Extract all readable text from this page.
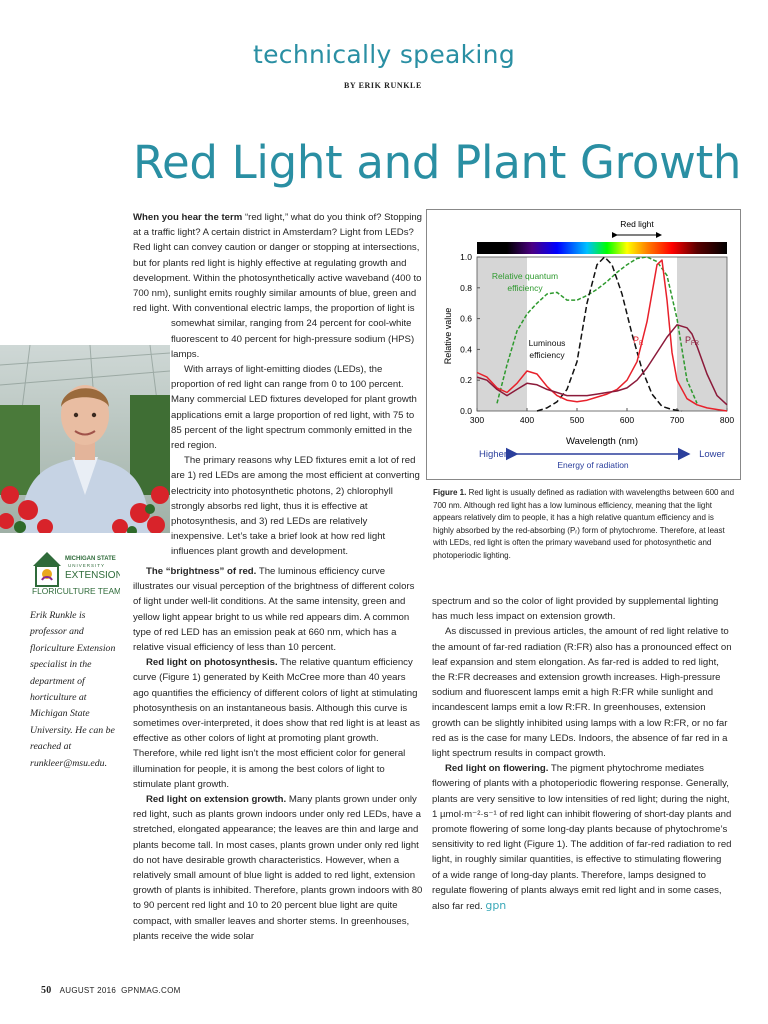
technically speaking
BY ERIK RUNKLE
Red Light and Plant Growth

When you hear the term “red light,” what do you think of? Stopping at a traffic light? A certain district in Amsterdam? Light from LEDs? Red light can convey caution or danger or stopping at intersections, but for plants red light is highly effective at regulating growth and development. Within the photosynthetically active waveband (400 to 700 nm), sunlight emits roughly similar amounts of blue, green and red light. With conventional electric lamps, the proportion of light is

somewhat similar, ranging from 24 percent for cool-white fluorescent to 40 percent for high-pressure sodium (HPS) lamps.

With arrays of light-emitting diodes (LEDs), the proportion of red light can range from 0 to 100 percent. Many commercial LED fixtures developed for plant growth applications emit a large proportion of red light, with 75 to 85 percent of the light spectrum commonly emitted in the red region.

The primary reasons why LED fixtures emit a lot of red are 1) red LEDs are among the most efficient at converting electricity into photosynthetic photons, 2) chlorophyll strongly absorbs red light, thus it is effective at photosynthesis, and 3) red LEDs are relatively inexpensive. Let’s take a brief look at how red light influences plant growth and development.

MICHIGAN STATE
UNIVERSITY
EXTENSION
FLORICULTURE TEAM
Erik Runkle is professor and floriculture Extension specialist in the department of horticulture at Michigan State University. He can be reached at runkleer@msu.edu.

The “brightness” of red. The luminous efficiency curve illustrates our visual perception of the brightness of different colors of light under well-lit conditions. At the same intensity, green and yellow light appear bright to us while red appears dim. A common type of red LED has an emission peak at 660 nm, which has a relative visual efficiency of less than 10 percent.

Red light on photosynthesis. The relative quantum efficiency curve (Figure 1) generated by Keith McCree more than 40 years ago quantifies the efficiency of different colors of light at stimulating photosynthesis on an instantaneous basis. Although this curve is sometimes over-interpreted, it does show that red light is at least as effective as other colors of light at promoting plant growth. Therefore, while red light isn’t the most efficient color for general illumination for people, it is among the best colors of light to stimulate plant growth.

Red light on extension growth. Many plants grown under only red light, such as plants grown indoors under only red LEDs, have a stretched, elongated appearance; the leaves are thin and large and plants become tall. In most cases, plants grown under only red light do not have desirable growth characteristics. However, when a relatively small amount of blue light is added to red light, extension growth of plants is inhibited. Therefore, plants grown indoors with 80 to 90 percent red light and 10 to 20 percent blue light are quite compact, with smaller leaves and shorter stems. In greenhouses, plants receive the wide solar

spectrum and so the color of light provided by supplemental lighting has much less impact on extension growth.

As discussed in previous articles, the amount of red light relative to the amount of far-red radiation (R:FR) also has a pronounced effect on leaf expansion and stem elongation. As far-red is added to red light, the R:FR decreases and extension growth increases. High-pressure sodium and fluorescent lamps emit a high R:FR while sunlight and incandescent lamps emit a low R:FR. In greenhouses, extension growth can be slightly inhibited using lamps with a low R:FR, or no far red as is the case for many LEDs. Indoors, the absence of far red in a light spectrum results in compact growth.

Red light on flowering. The pigment phytochrome mediates flowering of plants with a photoperiodic flowering response. Generally, plants are very sensitive to low intensities of red light; during the night, 1 µmol·m⁻²·s⁻¹ of red light can inhibit flowering of short-day plants and promote flowering of some long-day plants because of phytochrome’s sensitivity to red light (Figure 1). The addition of far-red radiation to red light, in roughly similar quantities, is effective to stimulating flowering of a wide range of long-day plants. Therefore, lamps designed to regulate flowering of plants always emit red light and in some cases, also far red. gpn

Red light
300	400	500	600	700	800
0.0
0.2
0.4
0.6
0.8
1.0
Relative quantum efficiency
Luminous efficiency
$P_R$	$P_{FR}$
Wavelength (nm)
Relative value
Higher	Lower
Energy of radiation
Figure 1. Red light is usually defined as radiation with wavelengths between 600 and 700 nm. Although red light has a low luminous efficiency, meaning that the light appears relatively dim to people, it has a high relative quantum efficiency and is highly absorbed by the red-absorbing (Pᵣ) form of phytochrome. Therefore, at least with LEDs, red light is often the primary waveband used for photosynthetic and photoperiodic lighting.
50 AUGUST 2016 GPNMAG.COM
